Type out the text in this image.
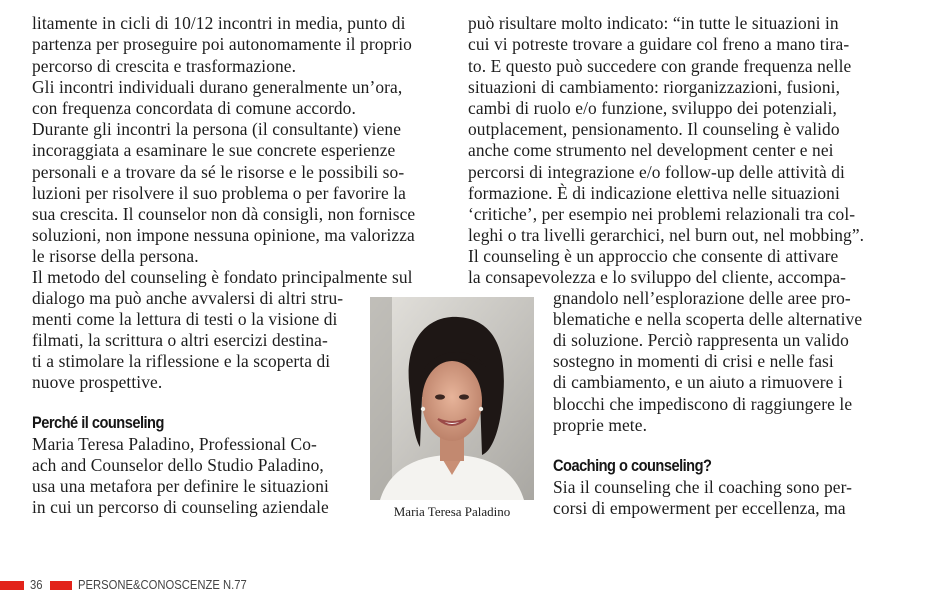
litamente in cicli di 10/12 incontri in media, punto di
partenza per proseguire poi autonomamente il proprio
percorso di crescita e trasformazione.
Gli incontri individuali durano generalmente un’ora,
con frequenza concordata di comune accordo.
Durante gli incontri la persona (il consultante) viene
incoraggiata a esaminare le sue concrete esperienze
personali e a trovare da sé le risorse e le possibili so-
luzioni per risolvere il suo problema o per favorire la
sua crescita. Il counselor non dà consigli, non fornisce
soluzioni, non impone nessuna opinione, ma valorizza
le risorse della persona.
Il metodo del counseling è fondato principalmente sul
dialogo ma può anche avvalersi di altri stru-
menti come la lettura di testi o la visione di
filmati, la scrittura o altri esercizi destina-
ti a stimolare la riflessione e la scoperta di
nuove prospettive.
Perché il counseling
Maria Teresa Paladino, Professional Co-
ach and Counselor dello Studio Paladino,
usa una metafora per definire le situazioni
in cui un percorso di counseling aziendale	Maria Teresa Paladino
può risultare molto indicato: “in tutte le situazioni in
cui vi potreste trovare a guidare col freno a mano tira-
to. E questo può succedere con grande frequenza nelle
situazioni di cambiamento: riorganizzazioni, fusioni,
cambi di ruolo e/o funzione, sviluppo dei potenziali,
outplacement, pensionamento. Il counseling è valido
anche come strumento nel development center e nei
percorsi di integrazione e/o follow-up delle attività di
formazione. È di indicazione elettiva nelle situazioni
‘critiche’, per esempio nei problemi relazionali tra col-
leghi o tra livelli gerarchici, nel burn out, nel mobbing”.
Il counseling è un approccio che consente di attivare
la consapevolezza e lo sviluppo del cliente, accompa-
gnandolo nell’esplorazione delle aree pro-
blematiche e nella scoperta delle alternative
di soluzione. Perciò rappresenta un valido
sostegno in momenti di crisi e nelle fasi
di cambiamento, e un aiuto a rimuovere i
blocchi che impediscono di raggiungere le
proprie mete.
Coaching o counseling?
Sia il counseling che il coaching sono per-
corsi di empowerment per eccellenza, ma
36	PERSONE&CONOSCENZE N.77
